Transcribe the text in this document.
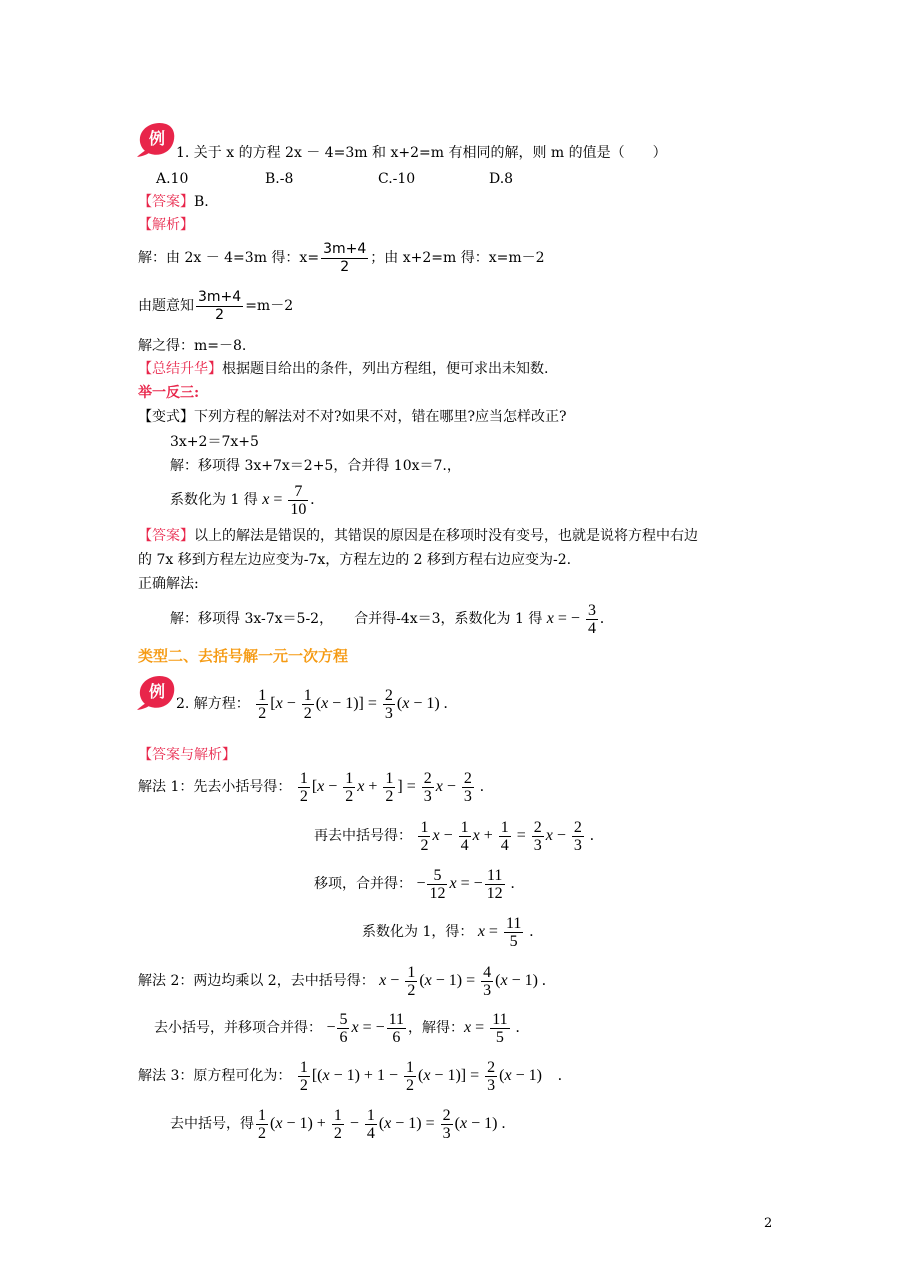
例
1. 关于 x 的方程 2x － 4=3m 和 x+2=m 有相同的解，则 m 的值是（　　）
A.10	B.-8	C.-10	D.8
【答案】B.
【解析】
解：由 2x － 4=3m 得：$x= \frac{3m+4}{2}$ ；由 x+2=m 得：x=m－2
由题意知 $\frac{3m+4}{2} =m-2$
解之得：m=－8.
【总结升华】根据题目给出的条件，列出方程组，便可求出未知数.
举一反三:
【变式】下列方程的解法对不对?如果不对，错在哪里?应当怎样改正?
3x+2＝7x+5
解：移项得 3x+7x＝2+5，合并得 10x＝7.，
系数化为 1 得 $x = \frac{7}{10}$ .
【答案】以上的解法是错误的，其错误的原因是在移项时没有变号，也就是说将方程中右边
的 7x 移到方程左边应变为-7x，方程左边的 2 移到方程右边应变为-2.
正确解法:
解：移项得 3x-7x＝5-2，　　合并得-4x＝3，系数化为 1 得 x = − $\frac{3}{4}$ .
类型二、去括号解一元一次方程
例
2. 解方程： $\frac{1}{2} [x - \frac{1}{2} (x - 1)] = \frac{2}{3} (x - 1)$ .
【答案与解析】
解法 1：先去小括号得： $\frac{1}{2} [x - \frac{1}{2}$ $x + \frac{1}{2}$ ] = $\frac{2}{3}$ $x - \frac{2}{3}$ .
再去中括号得： $\frac{1}{2}$ $x - \frac{1}{4}$ $x + \frac{1}{4} = \frac{2}{3}$ $x - \frac{2}{3}$ .
移项，合并得： − $\frac{5}{12}$ x = − $\frac{11}{12}$ .
系数化为 1，得： $x = \frac{11}{5}$ .
解法 2：两边均乘以 2，去中括号得： $x - \frac{1}{2} (x - 1) = \frac{4}{3} (x - 1)$ .
去小括号，并移项合并得： − $\frac{5}{6}$ x = − $\frac{11}{6}$ ，解得：$x = \frac{11}{5}$ .
解法 3：原方程可化为： $\frac{1}{2} [(x - 1) + 1 - \frac{1}{2} (x - 1)] = \frac{2}{3} (x - 1)$    .
去中括号，得 $\frac{1}{2} (x - 1) + \frac{1}{2} - \frac{1}{4} (x - 1) = \frac{2}{3} (x - 1)$ .
2
